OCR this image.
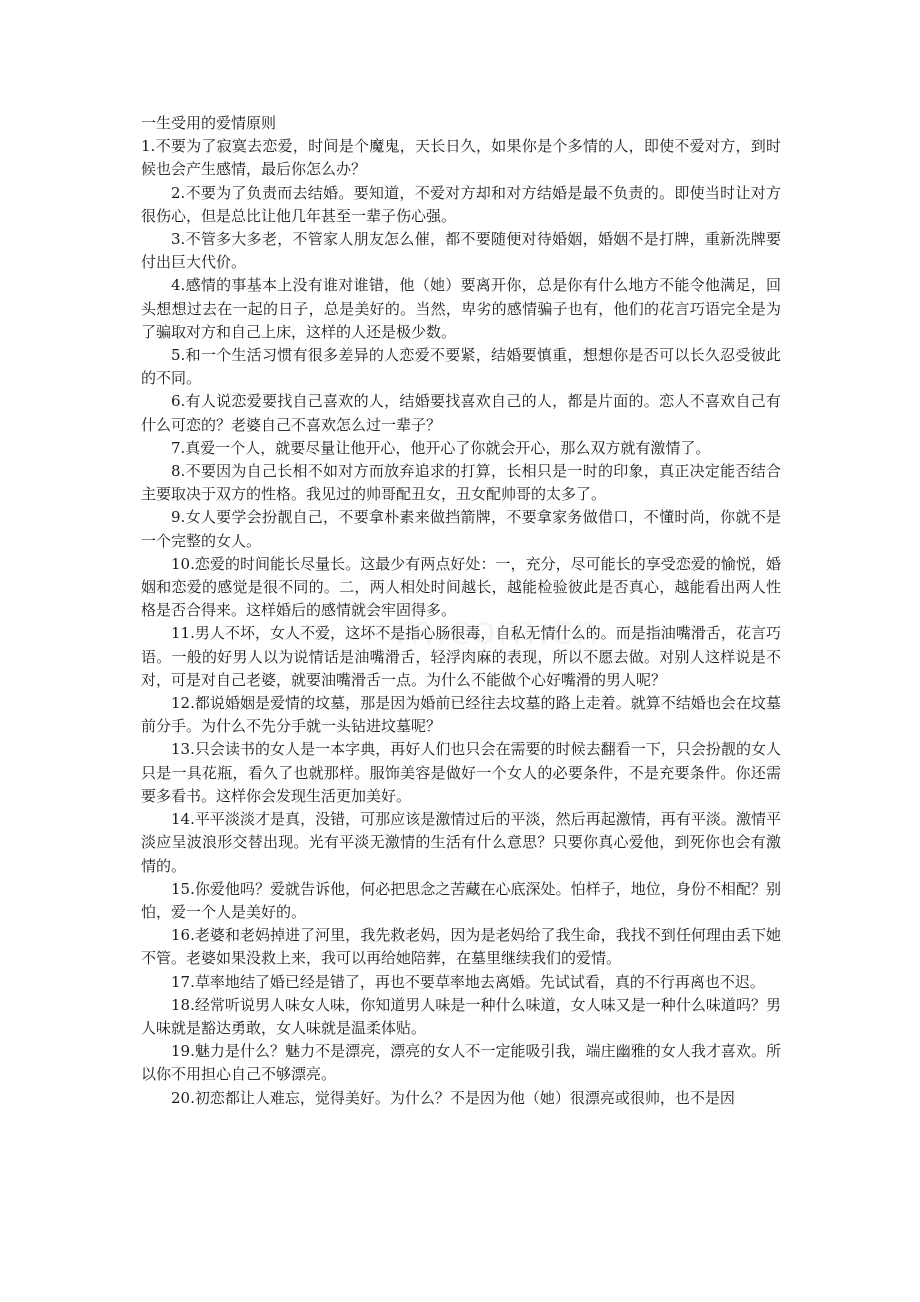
一生受用的爱情原则

1.不要为了寂寞去恋爱，时间是个魔鬼，天长日久，如果你是个多情的人，即使不爱对方，到时候也会产生感情，最后你怎么办？

2.不要为了负责而去结婚。要知道，不爱对方却和对方结婚是最不负责的。即使当时让对方很伤心，但是总比让他几年甚至一辈子伤心强。

3.不管多大多老，不管家人朋友怎么催，都不要随便对待婚姻，婚姻不是打牌，重新洗牌要付出巨大代价。

4.感情的事基本上没有谁对谁错，他（她）要离开你，总是你有什么地方不能令他满足，回头想想过去在一起的日子，总是美好的。当然，卑劣的感情骗子也有，他们的花言巧语完全是为了骗取对方和自己上床，这样的人还是极少数。

5.和一个生活习惯有很多差异的人恋爱不要紧，结婚要慎重，想想你是否可以长久忍受彼此的不同。

6.有人说恋爱要找自己喜欢的人，结婚要找喜欢自己的人，都是片面的。恋人不喜欢自己有什么可恋的？老婆自己不喜欢怎么过一辈子？

7.真爱一个人，就要尽量让他开心，他开心了你就会开心，那么双方就有激情了。

8.不要因为自己长相不如对方而放弃追求的打算，长相只是一时的印象，真正决定能否结合主要取决于双方的性格。我见过的帅哥配丑女，丑女配帅哥的太多了。

9.女人要学会扮靓自己，不要拿朴素来做挡箭牌，不要拿家务做借口，不懂时尚，你就不是一个完整的女人。

10.恋爱的时间能长尽量长。这最少有两点好处：一，充分，尽可能长的享受恋爱的愉悦，婚姻和恋爱的感觉是很不同的。二，两人相处时间越长，越能检验彼此是否真心，越能看出两人性格是否合得来。这样婚后的感情就会牢固得多。

11.男人不坏，女人不爱，这坏不是指心肠很毒，自私无情什么的。而是指油嘴滑舌，花言巧语。一般的好男人以为说情话是油嘴滑舌，轻浮肉麻的表现，所以不愿去做。对别人这样说是不对，可是对自己老婆，就要油嘴滑舌一点。为什么不能做个心好嘴滑的男人呢？

12.都说婚姻是爱情的坟墓，那是因为婚前已经往去坟墓的路上走着。就算不结婚也会在坟墓前分手。为什么不先分手就一头钻进坟墓呢？

13.只会读书的女人是一本字典，再好人们也只会在需要的时候去翻看一下，只会扮靓的女人只是一具花瓶，看久了也就那样。服饰美容是做好一个女人的必要条件，不是充要条件。你还需要多看书。这样你会发现生活更加美好。

14.平平淡淡才是真，没错，可那应该是激情过后的平淡，然后再起激情，再有平淡。激情平淡应呈波浪形交替出现。光有平淡无激情的生活有什么意思？只要你真心爱他，到死你也会有激情的。

15.你爱他吗？爱就告诉他，何必把思念之苦藏在心底深处。怕样子，地位，身份不相配？别怕，爱一个人是美好的。

16.老婆和老妈掉进了河里，我先救老妈，因为是老妈给了我生命，我找不到任何理由丢下她不管。老婆如果没救上来，我可以再给她陪葬，在墓里继续我们的爱情。

17.草率地结了婚已经是错了，再也不要草率地去离婚。先试试看，真的不行再离也不迟。

18.经常听说男人味女人味，你知道男人味是一种什么味道，女人味又是一种什么味道吗？男人味就是豁达勇敢，女人味就是温柔体贴。

19.魅力是什么？魅力不是漂亮，漂亮的女人不一定能吸引我，端庄幽雅的女人我才喜欢。所以你不用担心自己不够漂亮。

20.初恋都让人难忘，觉得美好。为什么？不是因为他（她）很漂亮或很帅，也不是因
